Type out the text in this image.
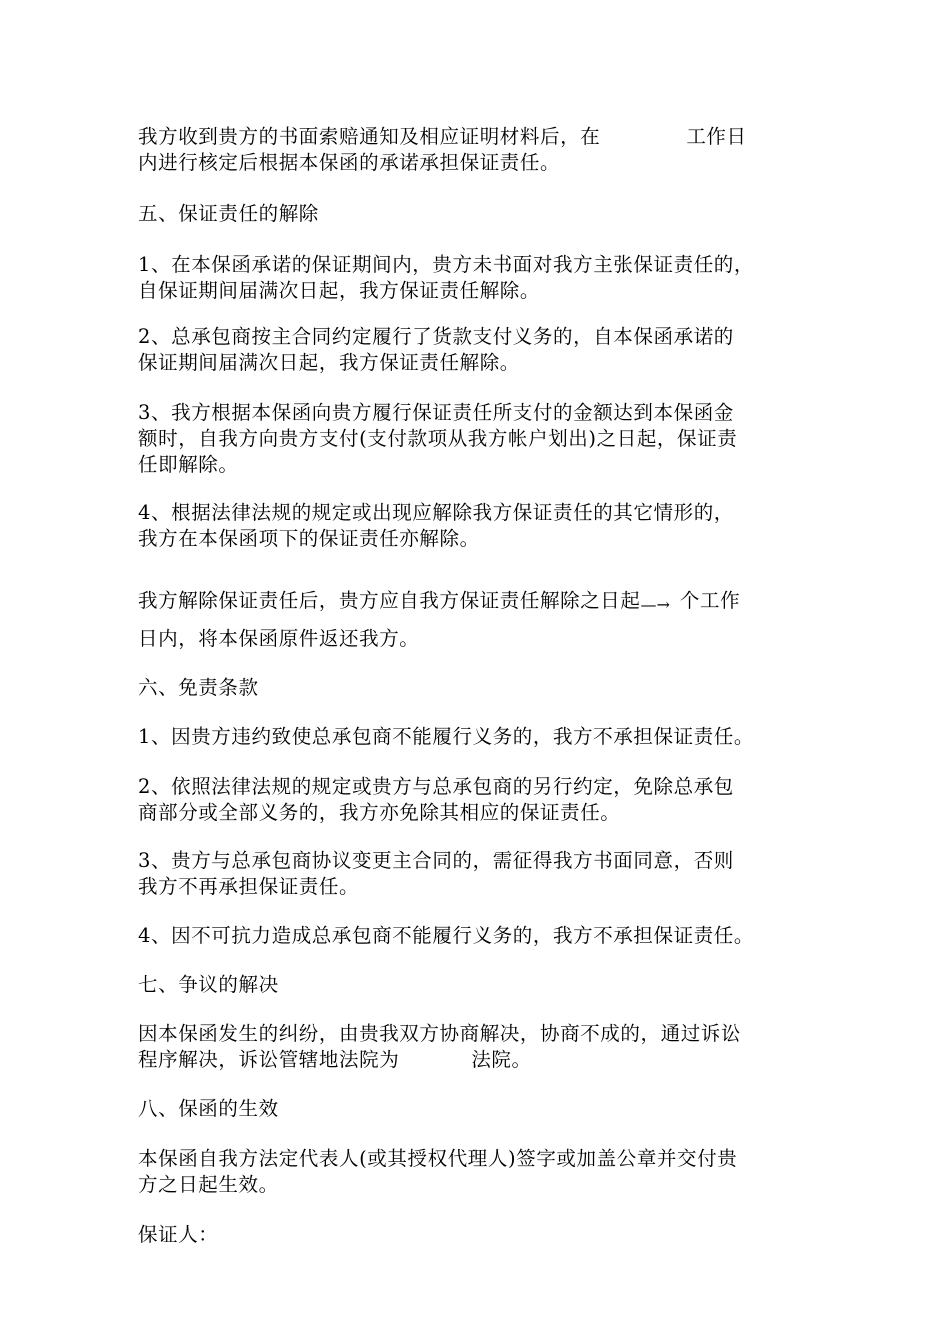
我方收到贵方的书面索赔通知及相应证明材料后，在	工作日
内进行核定后根据本保函的承诺承担保证责任。
五、保证责任的解除
1、在本保函承诺的保证期间内，贵方未书面对我方主张保证责任的，
自保证期间届满次日起，我方保证责任解除。
2、总承包商按主合同约定履行了货款支付义务的，自本保函承诺的
保证期间届满次日起，我方保证责任解除。
3、我方根据本保函向贵方履行保证责任所支付的金额达到本保函金
额时，自我方向贵方支付(支付款项从我方帐户划出)之日起，保证责
任即解除。
4、根据法律法规的规定或出现应解除我方保证责任的其它情形的，
我方在本保函项下的保证责任亦解除。
我方解除保证责任后，贵方应自我方保证责任解除之日起—→ 个工作
日内，将本保函原件返还我方。
六、免责条款
1、因贵方违约致使总承包商不能履行义务的，我方不承担保证责任。
2、依照法律法规的规定或贵方与总承包商的另行约定，免除总承包
商部分或全部义务的，我方亦免除其相应的保证责任。
3、贵方与总承包商协议变更主合同的，需征得我方书面同意，否则
我方不再承担保证责任。
4、因不可抗力造成总承包商不能履行义务的，我方不承担保证责任。
七、争议的解决
因本保函发生的纠纷，由贵我双方协商解决，协商不成的，通过诉讼
程序解决，诉讼管辖地法院为	法院。
八、保函的生效
本保函自我方法定代表人(或其授权代理人)签字或加盖公章并交付贵
方之日起生效。
保证人：
